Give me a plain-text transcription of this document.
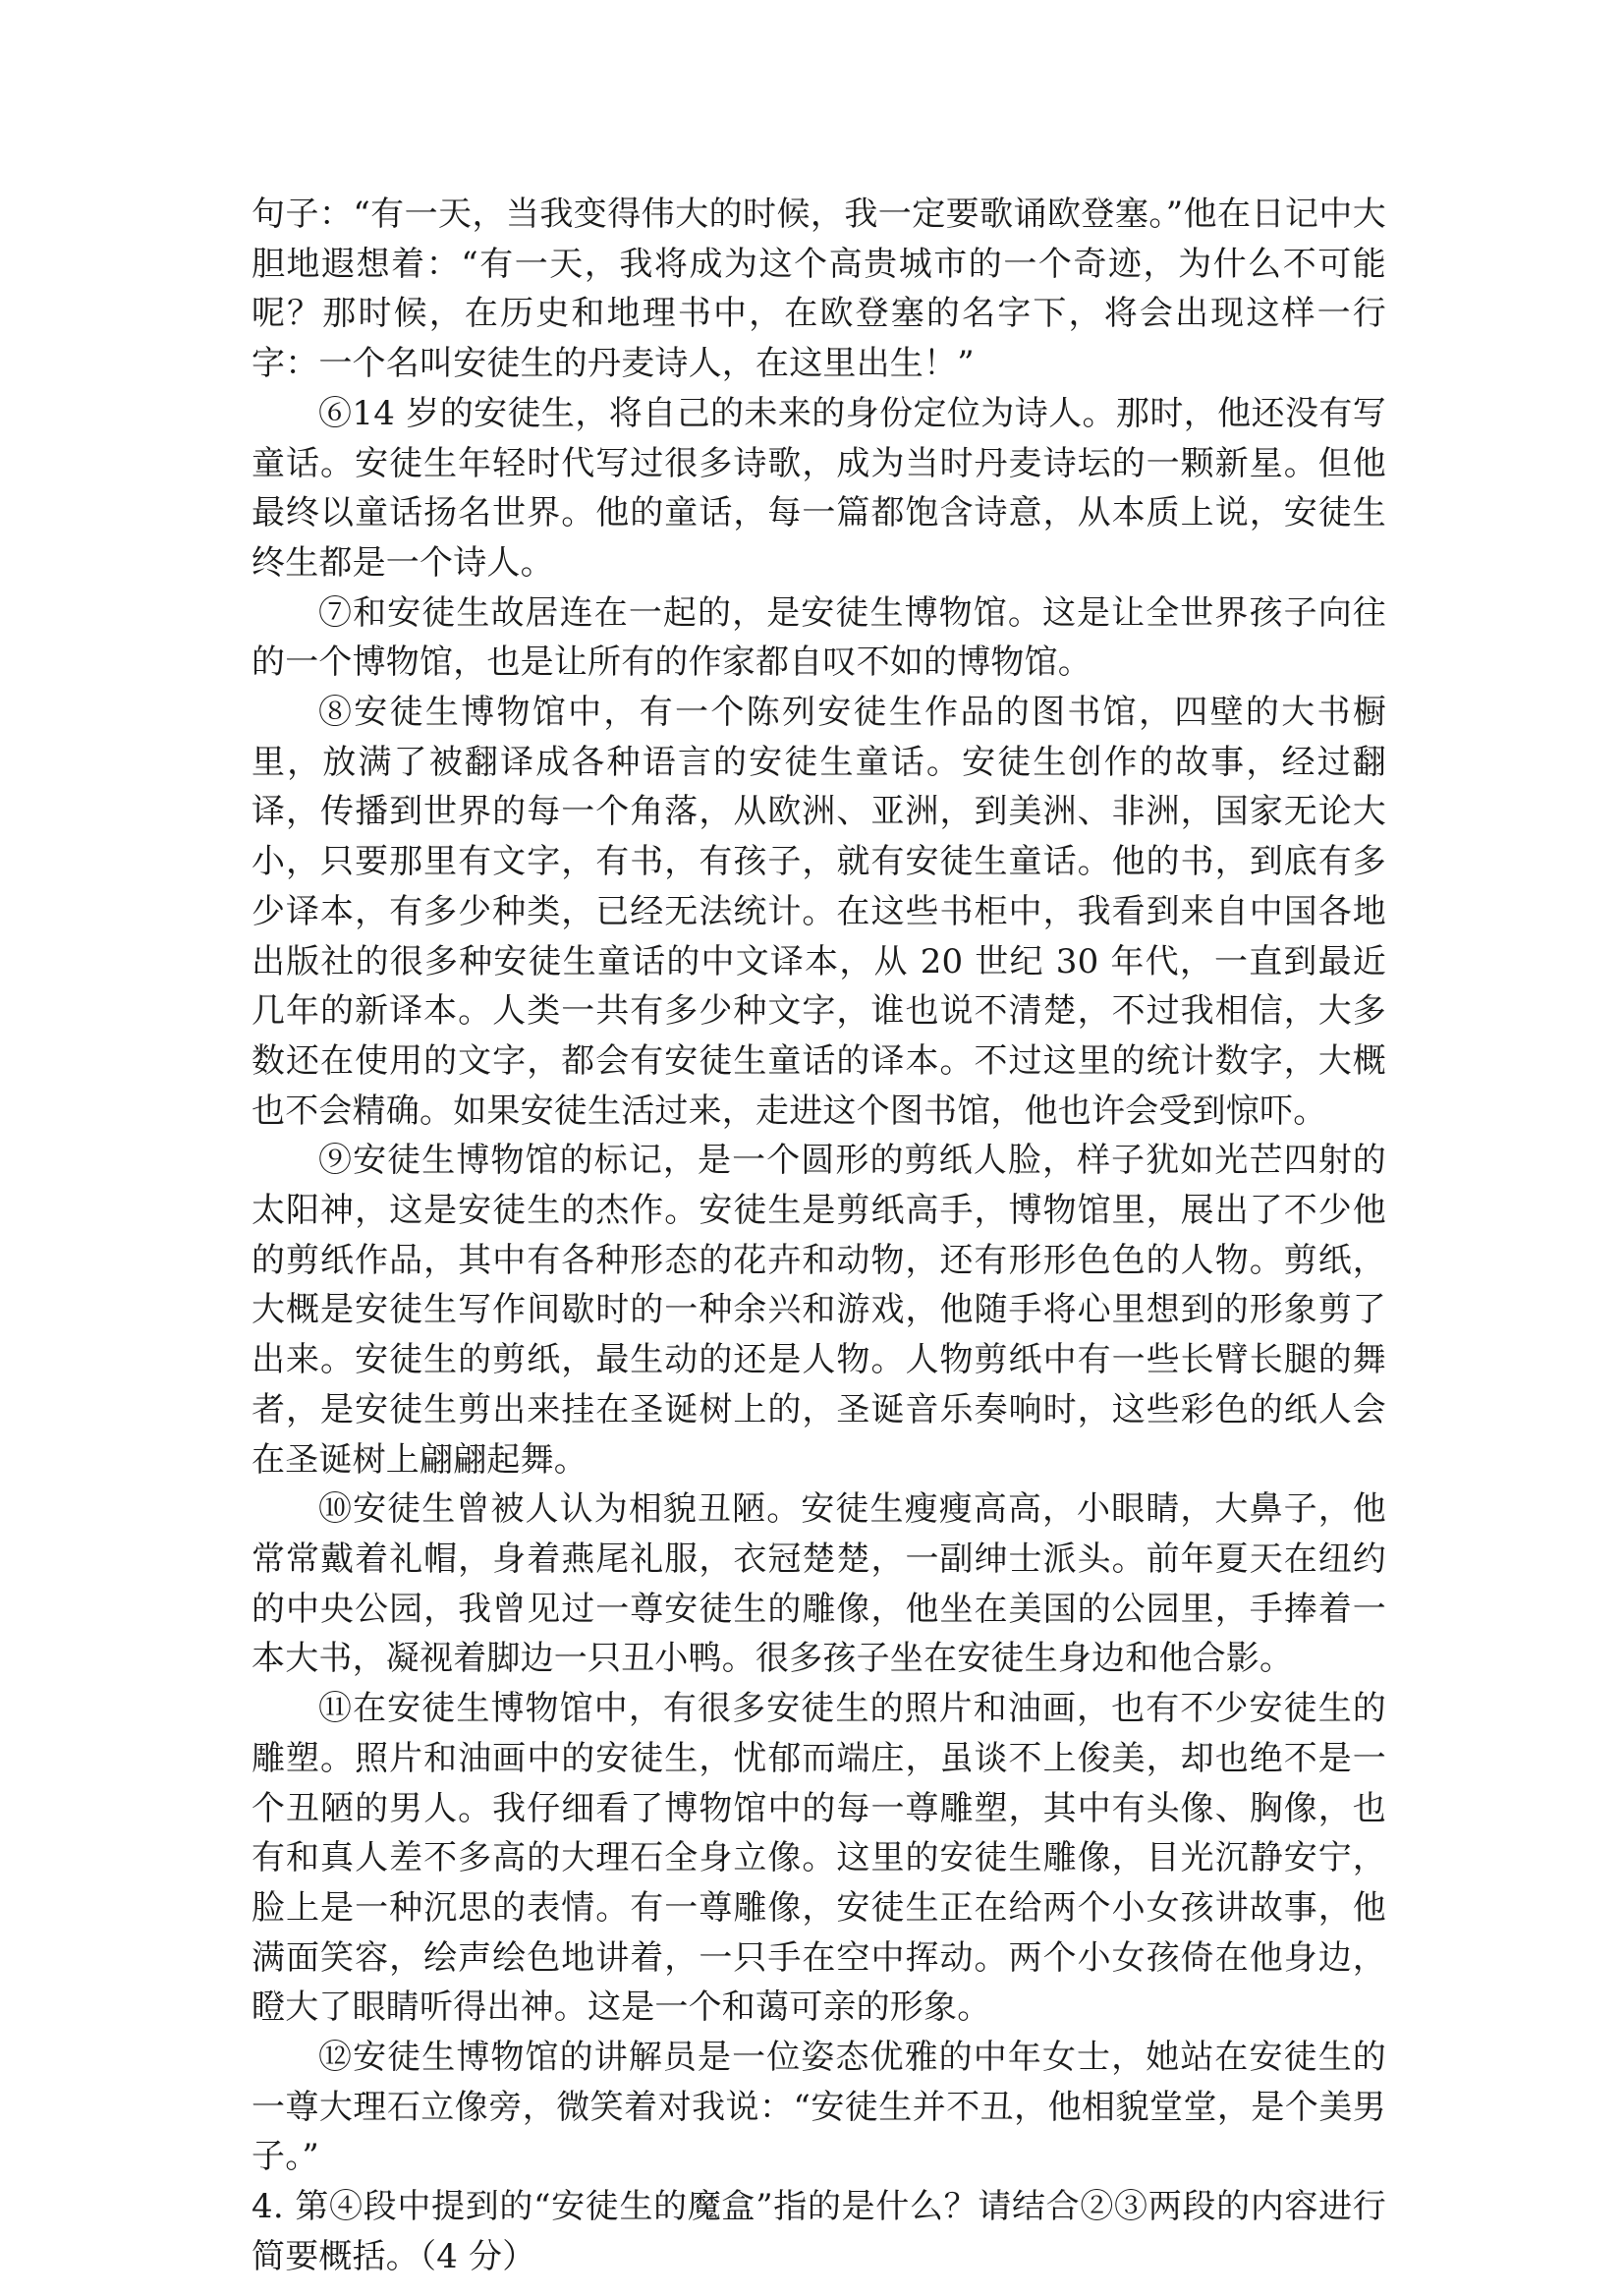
句子：“有一天，当我变得伟大的时候，我一定要歌诵欧登塞。”他在日记中大胆地遐想着：“有一天，我将成为这个高贵城市的一个奇迹，为什么不可能呢？那时候，在历史和地理书中，在欧登塞的名字下，将会出现这样一行字：一个名叫安徒生的丹麦诗人，在这里出生！”

⑥14 岁的安徒生，将自己的未来的身份定位为诗人。那时，他还没有写童话。安徒生年轻时代写过很多诗歌，成为当时丹麦诗坛的一颗新星。但他最终以童话扬名世界。他的童话，每一篇都饱含诗意，从本质上说，安徒生终生都是一个诗人。

⑦和安徒生故居连在一起的，是安徒生博物馆。这是让全世界孩子向往的一个博物馆，也是让所有的作家都自叹不如的博物馆。

⑧安徒生博物馆中，有一个陈列安徒生作品的图书馆，四壁的大书橱里，放满了被翻译成各种语言的安徒生童话。安徒生创作的故事，经过翻译，传播到世界的每一个角落，从欧洲、亚洲，到美洲、非洲，国家无论大小，只要那里有文字，有书，有孩子，就有安徒生童话。他的书，到底有多少译本，有多少种类，已经无法统计。在这些书柜中，我看到来自中国各地出版社的很多种安徒生童话的中文译本，从 20 世纪 30 年代，一直到最近几年的新译本。人类一共有多少种文字，谁也说不清楚，不过我相信，大多数还在使用的文字，都会有安徒生童话的译本。不过这里的统计数字，大概也不会精确。如果安徒生活过来，走进这个图书馆，他也许会受到惊吓。

⑨安徒生博物馆的标记，是一个圆形的剪纸人脸，样子犹如光芒四射的太阳神，这是安徒生的杰作。安徒生是剪纸高手，博物馆里，展出了不少他的剪纸作品，其中有各种形态的花卉和动物，还有形形色色的人物。剪纸，大概是安徒生写作间歇时的一种余兴和游戏，他随手将心里想到的形象剪了出来。安徒生的剪纸，最生动的还是人物。人物剪纸中有一些长臂长腿的舞者，是安徒生剪出来挂在圣诞树上的，圣诞音乐奏响时，这些彩色的纸人会在圣诞树上翩翩起舞。

⑩安徒生曾被人认为相貌丑陋。安徒生瘦瘦高高，小眼睛，大鼻子，他常常戴着礼帽，身着燕尾礼服，衣冠楚楚，一副绅士派头。前年夏天在纽约的中央公园，我曾见过一尊安徒生的雕像，他坐在美国的公园里，手捧着一本大书，凝视着脚边一只丑小鸭。很多孩子坐在安徒生身边和他合影。

⑪在安徒生博物馆中，有很多安徒生的照片和油画，也有不少安徒生的雕塑。照片和油画中的安徒生，忧郁而端庄，虽谈不上俊美，却也绝不是一个丑陋的男人。我仔细看了博物馆中的每一尊雕塑，其中有头像、胸像，也有和真人差不多高的大理石全身立像。这里的安徒生雕像，目光沉静安宁，脸上是一种沉思的表情。有一尊雕像，安徒生正在给两个小女孩讲故事，他满面笑容，绘声绘色地讲着，一只手在空中挥动。两个小女孩倚在他身边，瞪大了眼睛听得出神。这是一个和蔼可亲的形象。

⑫安徒生博物馆的讲解员是一位姿态优雅的中年女士，她站在安徒生的一尊大理石立像旁，微笑着对我说：“安徒生并不丑，他相貌堂堂，是个美男子。”

4. 第④段中提到的“安徒生的魔盒”指的是什么？请结合②③两段的内容进行简要概括。（4 分）
